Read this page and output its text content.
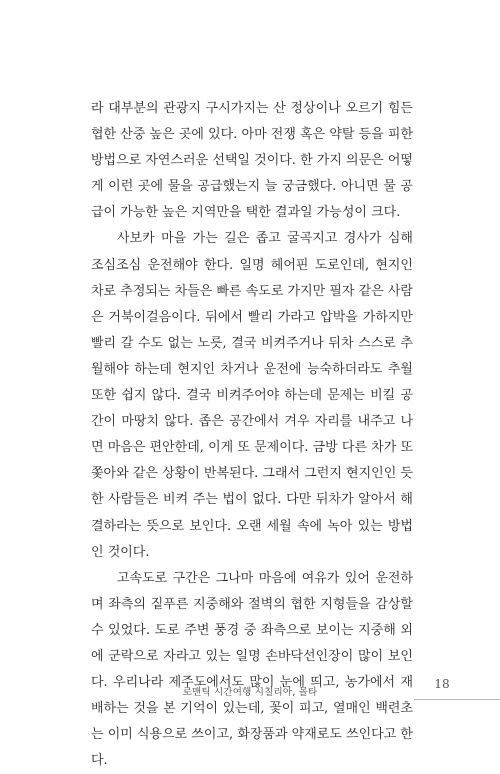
라 대부분의 관광지 구시가지는 산 정상이나 오르기 힘든 협한 산중 높은 곳에 있다. 아마 전쟁 혹은 약탈 등을 피한 방법으로 자연스러운 선택일 것이다. 한 가지 의문은 어떻게 이런 곳에 물을 공급했는지 늘 궁금했다. 아니면 물 공급이 가능한 높은 지역만을 택한 결과일 가능성이 크다.

사보카 마을 가는 길은 좁고 굴곡지고 경사가 심해 조심조심 운전해야 한다. 일명 헤어핀 도로인데, 현지인 차로 추정되는 차들은 빠른 속도로 가지만 필자 같은 사람은 거북이걸음이다. 뒤에서 빨리 가라고 압박을 가하지만 빨리 갈 수도 없는 노릇, 결국 비켜주거나 뒤차 스스로 추월해야 하는데 현지인 차거나 운전에 능숙하더라도 추월 또한 쉽지 않다. 결국 비켜주어야 하는데 문제는 비킬 공간이 마땅치 않다. 좁은 공간에서 겨우 자리를 내주고 나면 마음은 편안한데, 이게 또 문제이다. 금방 다른 차가 또 쫓아와 같은 상황이 반복된다. 그래서 그런지 현지인인 듯한 사람들은 비켜 주는 법이 없다. 다만 뒤차가 알아서 해결하라는 뜻으로 보인다. 오랜 세월 속에 녹아 있는 방법인 것이다.

고속도로 구간은 그나마 마음에 여유가 있어 운전하며 좌측의 짙푸른 지중해와 절벽의 협한 지형들을 감상할 수 있었다. 도로 주변 풍경 중 좌측으로 보이는 지중해 외에 군락으로 자라고 있는 일명 손바닥선인장이 많이 보인다. 우리나라 제주도에서도 많이 눈에 띄고, 농가에서 재배하는 것을 본 기억이 있는데, 꽃이 피고, 열매인 백련초는 이미 식용으로 쓰이고, 화장품과 약재로도 쓰인다고 한다.

로맨틱 시간여행 시칠리아, 몰타
18
